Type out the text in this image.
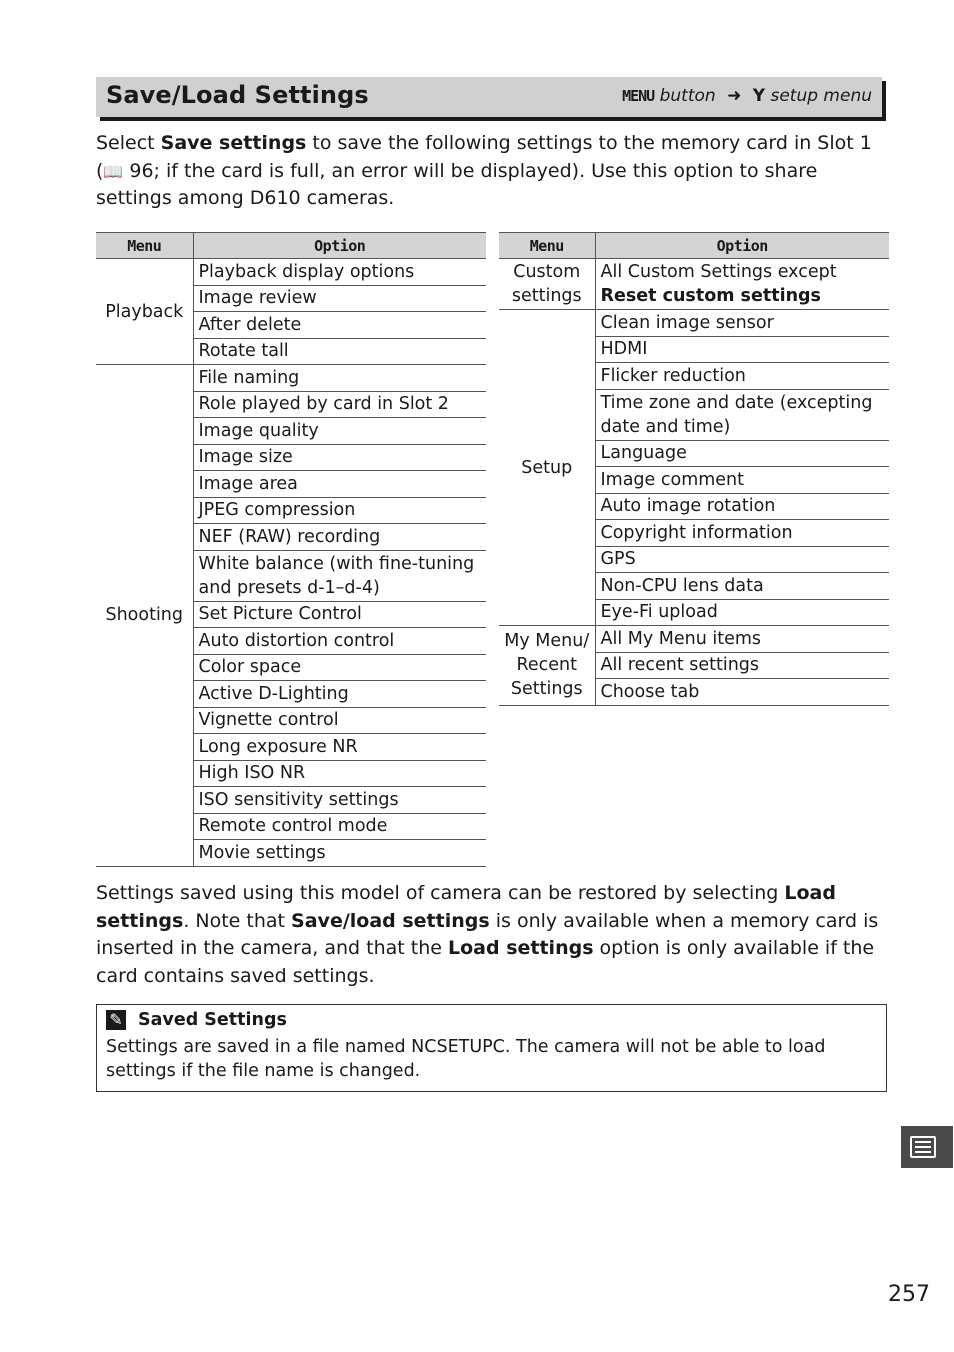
Save/Load Settings	MENU button ➜ Y setup menu
Select Save settings to save the following settings to the memory card in Slot 1 (📖 96; if the card is full, an error will be displayed). Use this option to share settings among D610 cameras.
Menu	Option
Playback	Playback display options
	Image review
	After delete
	Rotate tall
Shooting	File naming
	Role played by card in Slot 2
	Image quality
	Image size
	Image area
	JPEG compression
	NEF (RAW) recording
	White balance (with fine-tuning and presets d-1–d-4)
	Set Picture Control
	Auto distortion control
	Color space
	Active D-Lighting
	Vignette control
	Long exposure NR
	High ISO NR
	ISO sensitivity settings
	Remote control mode
	Movie settings
Menu	Option
Custom settings	All Custom Settings except Reset custom settings
Setup	Clean image sensor
	HDMI
	Flicker reduction
	Time zone and date (excepting date and time)
	Language
	Image comment
	Auto image rotation
	Copyright information
	GPS
	Non-CPU lens data
	Eye-Fi upload
My Menu/ Recent Settings	All My Menu items
	All recent settings
	Choose tab
Settings saved using this model of camera can be restored by selecting Load settings. Note that Save/load settings is only available when a memory card is inserted in the camera, and that the Load settings option is only available if the card contains saved settings.
✎ Saved Settings
Settings are saved in a file named NCSETUPC. The camera will not be able to load settings if the file name is changed.
257
